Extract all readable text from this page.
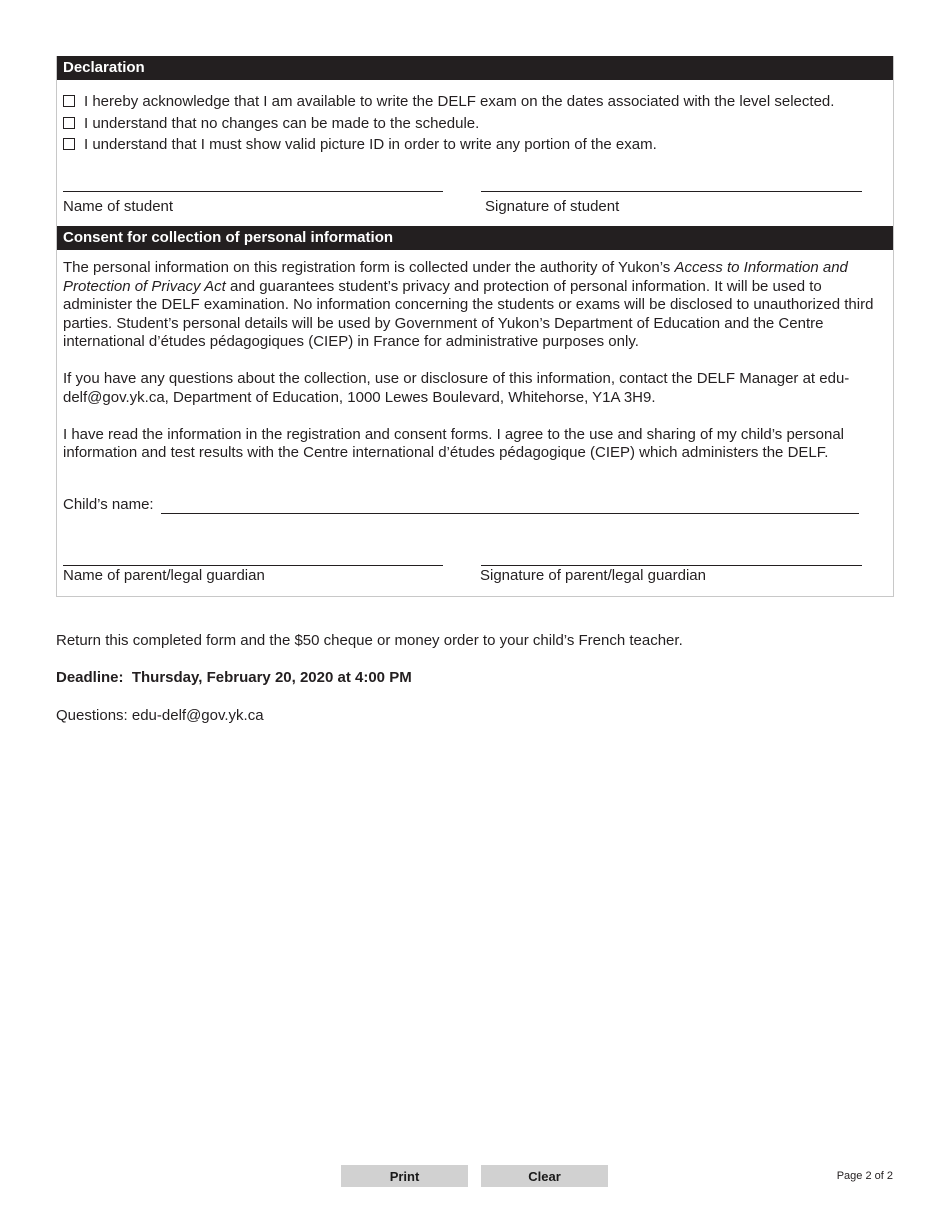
Declaration
I hereby acknowledge that I am available to write the DELF exam on the dates associated with the level selected.
I understand that no changes can be made to the schedule.
I understand that I must show valid picture ID in order to write any portion of the exam.
Name of student	Signature of student
Consent for collection of personal information

The personal information on this registration form is collected under the authority of Yukon’s Access to Information and Protection of Privacy Act and guarantees student’s privacy and protection of personal information. It will be used to administer the DELF examination. No information concerning the students or exams will be disclosed to unauthorized third parties. Student’s personal details will be used by Government of Yukon’s Department of Education and the Centre international d’études pédagogiques (CIEP) in France for administrative purposes only.

If you have any questions about the collection, use or disclosure of this information, contact the DELF Manager at edu-delf@gov.yk.ca, Department of Education, 1000 Lewes Boulevard, Whitehorse, Y1A 3H9.

I have read the information in the registration and consent forms. I agree to the use and sharing of my child’s personal information and test results with the Centre international d’études pédagogique (CIEP) which administers the DELF.

Child’s name:
Name of parent/legal guardian	Signature of parent/legal guardian
Return this completed form and the $50 cheque or money order to your child’s French teacher.
Deadline:  Thursday, February 20, 2020 at 4:00 PM
Questions: edu-delf@gov.yk.ca
Print	Clear	Page 2 of 2
